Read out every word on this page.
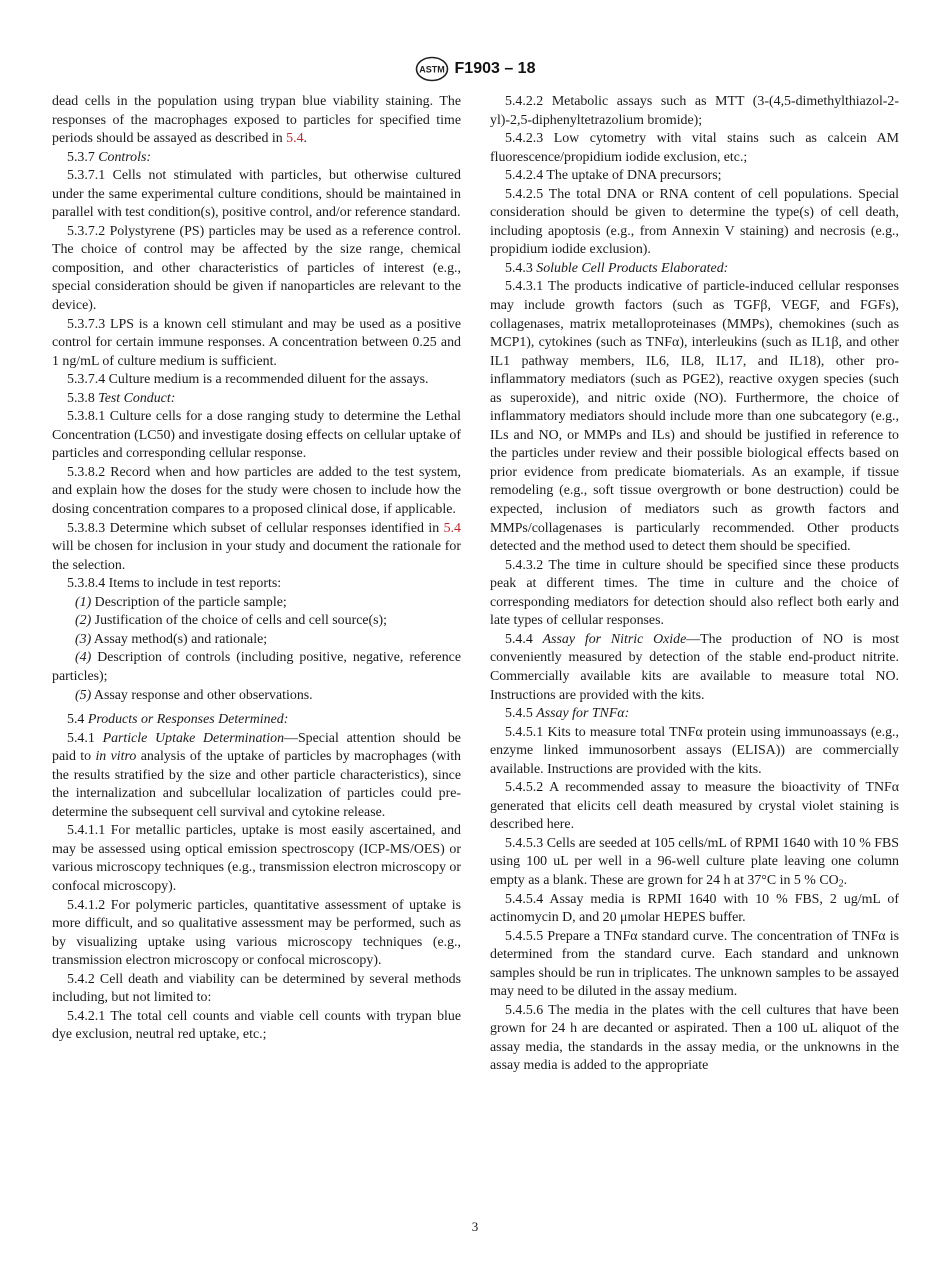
ASTM F1903 – 18

dead cells in the population using trypan blue viability staining. The responses of the macrophages exposed to particles for specified time periods should be assayed as described in 5.4.

5.3.7 Controls:

5.3.7.1 Cells not stimulated with particles, but otherwise cultured under the same experimental culture conditions, should be maintained in parallel with test condition(s), positive control, and/or reference standard.

5.3.7.2 Polystyrene (PS) particles may be used as a reference control. The choice of control may be affected by the size range, chemical composition, and other characteristics of particles of interest (e.g., special consideration should be given if nanoparticles are relevant to the device).

5.3.7.3 LPS is a known cell stimulant and may be used as a positive control for certain immune responses. A concentration between 0.25 and 1 ng/mL of culture medium is sufficient.

5.3.7.4 Culture medium is a recommended diluent for the assays.

5.3.8 Test Conduct:

5.3.8.1 Culture cells for a dose ranging study to determine the Lethal Concentration (LC50) and investigate dosing effects on cellular uptake of particles and corresponding cellular response.

5.3.8.2 Record when and how particles are added to the test system, and explain how the doses for the study were chosen to include how the dosing concentration compares to a proposed clinical dose, if applicable.

5.3.8.3 Determine which subset of cellular responses identified in 5.4 will be chosen for inclusion in your study and document the rationale for the selection.

5.3.8.4 Items to include in test reports:

(1) Description of the particle sample;

(2) Justification of the choice of cells and cell source(s);

(3) Assay method(s) and rationale;

(4) Description of controls (including positive, negative, reference particles);

(5) Assay response and other observations.

5.4 Products or Responses Determined:

5.4.1 Particle Uptake Determination—Special attention should be paid to in vitro analysis of the uptake of particles by macrophages (with the results stratified by the size and other particle characteristics), since the internalization and subcellular localization of particles could pre-determine the subsequent cell survival and cytokine release.

5.4.1.1 For metallic particles, uptake is most easily ascertained, and may be assessed using optical emission spectroscopy (ICP-MS/OES) or various microscopy techniques (e.g., transmission electron microscopy or confocal microscopy).

5.4.1.2 For polymeric particles, quantitative assessment of uptake is more difficult, and so qualitative assessment may be performed, such as by visualizing uptake using various microscopy techniques (e.g., transmission electron microscopy or confocal microscopy).

5.4.2 Cell death and viability can be determined by several methods including, but not limited to:

5.4.2.1 The total cell counts and viable cell counts with trypan blue dye exclusion, neutral red uptake, etc.;

5.4.2.2 Metabolic assays such as MTT (3-(4,5-dimethylthiazol-2-yl)-2,5-diphenyltetrazolium bromide);

5.4.2.3 Low cytometry with vital stains such as calcein AM fluorescence/propidium iodide exclusion, etc.;

5.4.2.4 The uptake of DNA precursors;

5.4.2.5 The total DNA or RNA content of cell populations. Special consideration should be given to determine the type(s) of cell death, including apoptosis (e.g., from Annexin V staining) and necrosis (e.g., propidium iodide exclusion).

5.4.3 Soluble Cell Products Elaborated:

5.4.3.1 The products indicative of particle-induced cellular responses may include growth factors (such as TGFβ, VEGF, and FGFs), collagenases, matrix metalloproteinases (MMPs), chemokines (such as MCP1), cytokines (such as TNFα), interleukins (such as IL1β, and other IL1 pathway members, IL6, IL8, IL17, and IL18), other pro-inflammatory mediators (such as PGE2), reactive oxygen species (such as superoxide), and nitric oxide (NO). Furthermore, the choice of inflammatory mediators should include more than one subcategory (e.g., ILs and NO, or MMPs and ILs) and should be justified in reference to the particles under review and their possible biological effects based on prior evidence from predicate biomaterials. As an example, if tissue remodeling (e.g., soft tissue overgrowth or bone destruction) could be expected, inclusion of mediators such as growth factors and MMPs/collagenases is particularly recommended. Other products detected and the method used to detect them should be specified.

5.4.3.2 The time in culture should be specified since these products peak at different times. The time in culture and the choice of corresponding mediators for detection should also reflect both early and late types of cellular responses.

5.4.4 Assay for Nitric Oxide—The production of NO is most conveniently measured by detection of the stable end-product nitrite. Commercially available kits are available to measure total NO. Instructions are provided with the kits.

5.4.5 Assay for TNFα:

5.4.5.1 Kits to measure total TNFα protein using immunoassays (e.g., enzyme linked immunosorbent assays (ELISA)) are commercially available. Instructions are provided with the kits.

5.4.5.2 A recommended assay to measure the bioactivity of TNFα generated that elicits cell death measured by crystal violet staining is described here.

5.4.5.3 Cells are seeded at 105 cells/mL of RPMI 1640 with 10 % FBS using 100 uL per well in a 96-well culture plate leaving one column empty as a blank. These are grown for 24 h at 37°C in 5 % $CO_2$.

5.4.5.4 Assay media is RPMI 1640 with 10 % FBS, 2 ug/mL of actinomycin D, and 20 μmolar HEPES buffer.

5.4.5.5 Prepare a TNFα standard curve. The concentration of TNFα is determined from the standard curve. Each standard and unknown samples should be run in triplicates. The unknown samples to be assayed may need to be diluted in the assay medium.

5.4.5.6 The media in the plates with the cell cultures that have been grown for 24 h are decanted or aspirated. Then a 100 uL aliquot of the assay media, the standards in the assay media, or the unknowns in the assay media is added to the appropriate

3
